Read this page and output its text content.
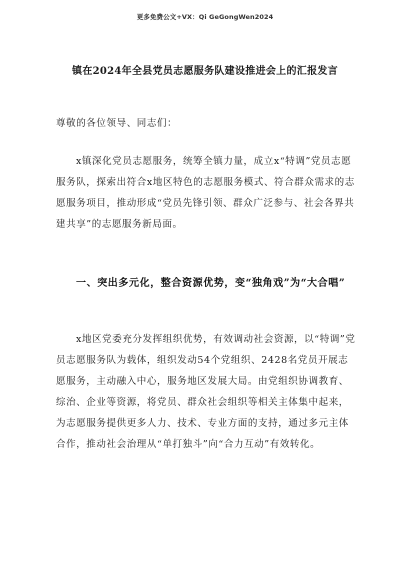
更多免费公文+VX：Qi GeGongWen2024
镇在2024年全县党员志愿服务队建设推进会上的汇报发言
尊敬的各位领导、同志们：
x镇深化党员志愿服务，统筹全镇力量，成立x“特调”党员志愿服务队，探索出符合x地区特色的志愿服务模式、符合群众需求的志愿服务项目，推动形成“党员先锋引领、群众广泛参与、社会各界共建共享”的志愿服务新局面。
一、突出多元化，整合资源优势，变“独角戏”为“大合唱”
x地区党委充分发挥组织优势，有效调动社会资源，以“特调”党员志愿服务队为载体，组织发动54个党组织、2428名党员开展志愿服务，主动融入中心，服务地区发展大局。由党组织协调教育、综治、企业等资源，将党员、群众社会组织等相关主体集中起来，为志愿服务提供更多人力、技术、专业方面的支持，通过多元主体合作，推动社会治理从“单打独斗”向“合力互动”有效转化。
